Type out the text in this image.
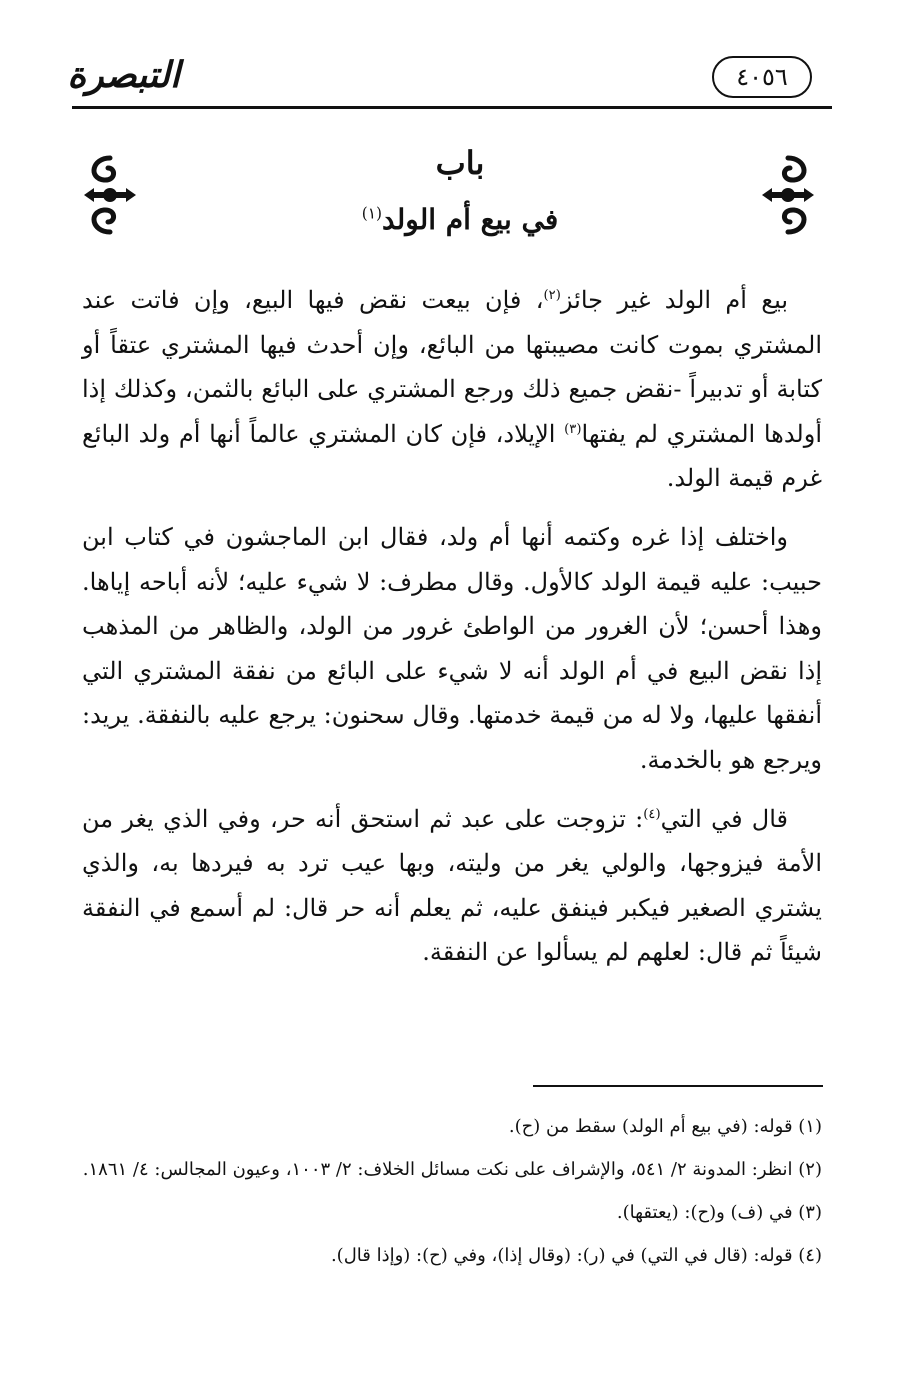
التبصرة	٤٠٥٦
باب
في بيع أم الولد$^{(١)}$

بيع أم الولد غير جائز$^{(٢)}$، فإن بيعت نقض فيها البيع، وإن فاتت عند المشتري بموت كانت مصيبتها من البائع، وإن أحدث فيها المشتري عتقاً أو كتابة أو تدبيراً -نقض جميع ذلك ورجع المشتري على البائع بالثمن، وكذلك إذا أولدها المشتري لم يفتها$^{(٣)}$ الإيلاد، فإن كان المشتري عالماً أنها أم ولد البائع غرم قيمة الولد.

واختلف إذا غره وكتمه أنها أم ولد، فقال ابن الماجشون في كتاب ابن حبيب: عليه قيمة الولد كالأول. وقال مطرف: لا شيء عليه؛ لأنه أباحه إياها. وهذا أحسن؛ لأن الغرور من الواطئ غرور من الولد، والظاهر من المذهب إذا نقض البيع في أم الولد أنه لا شيء على البائع من نفقة المشتري التي أنفقها عليها، ولا له من قيمة خدمتها. وقال سحنون: يرجع عليه بالنفقة. يريد: ويرجع هو بالخدمة.

قال في التي$^{(٤)}$: تزوجت على عبد ثم استحق أنه حر، وفي الذي يغر من الأمة فيزوجها، والولي يغر من وليته، وبها عيب ترد به فيردها به، والذي يشتري الصغير فيكبر فينفق عليه، ثم يعلم أنه حر قال: لم أسمع في النفقة شيئاً ثم قال: لعلهم لم يسألوا عن النفقة.

(١) قوله: (في بيع أم الولد) سقط من (ح).
(٢) انظر: المدونة ٢/ ٥٤١، والإشراف على نكت مسائل الخلاف: ٢/ ١٠٠٣، وعيون المجالس: ٤/ ١٨٦١.
(٣) في (ف) و(ح): (يعتقها).
(٤) قوله: (قال في التي) في (ر): (وقال إذا)، وفي (ح): (وإذا قال).
